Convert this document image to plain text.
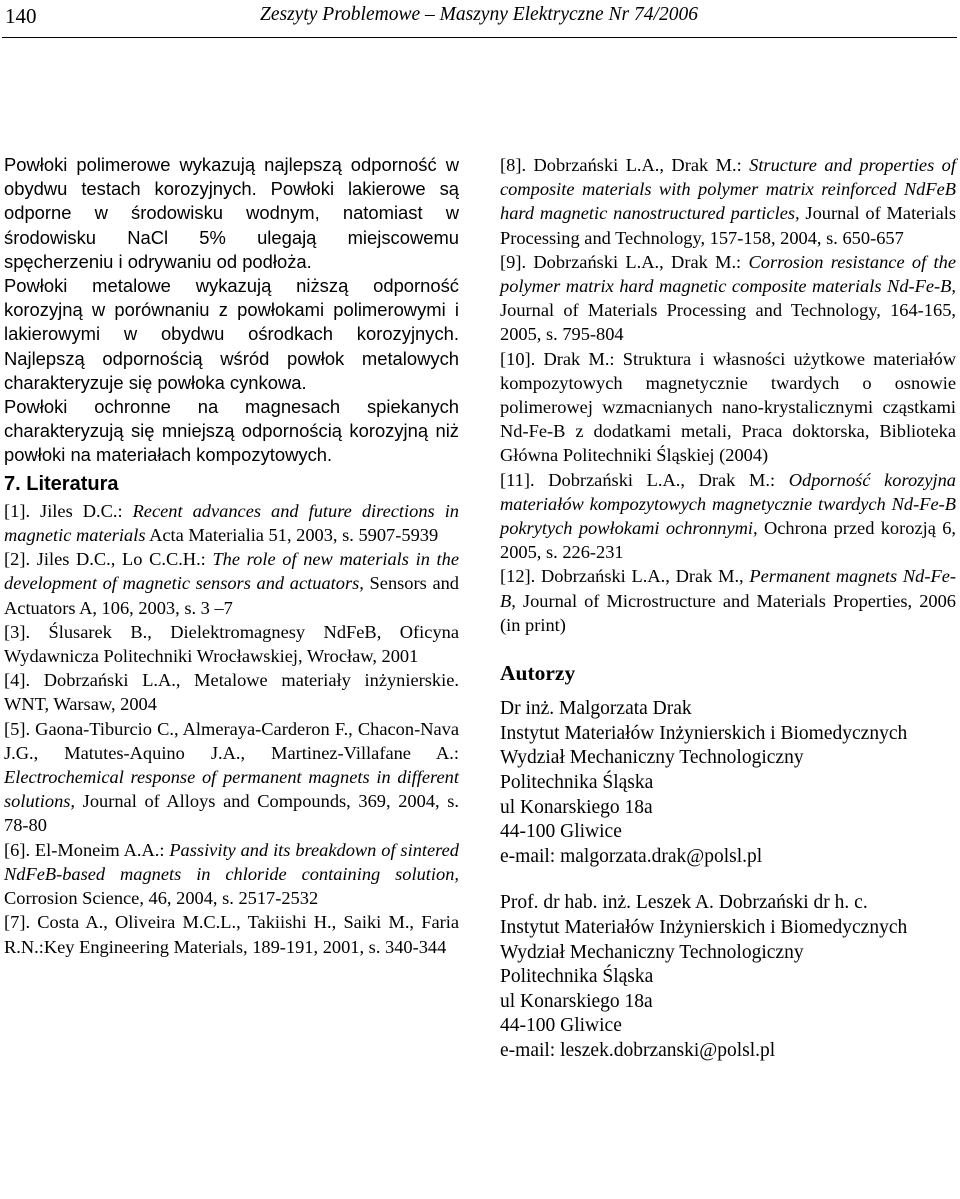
140	Zeszyty Problemowe – Maszyny Elektryczne Nr 74/2006

Powłoki polimerowe wykazują najlepszą odporność w obydwu testach korozyjnych. Powłoki lakierowe są odporne w środowisku wodnym, natomiast w środowisku NaCl 5% ulegają miejscowemu spęcherzeniu i odrywaniu od podłoża.

Powłoki metalowe wykazują niższą odporność korozyjną w porównaniu z powłokami polimerowymi i lakierowymi w obydwu ośrodkach korozyjnych. Najlepszą odpornością wśród powłok metalowych charakteryzuje się powłoka cynkowa.

Powłoki ochronne na magnesach spiekanych charakteryzują się mniejszą odpornością korozyjną niż powłoki na materiałach kompozytowych.

7. Literatura

[1]. Jiles D.C.: Recent advances and future directions in magnetic materials Acta Materialia 51, 2003, s. 5907-5939

[2]. Jiles D.C., Lo C.C.H.: The role of new materials in the development of magnetic sensors and actuators, Sensors and Actuators A, 106, 2003, s. 3 –7

[3]. Ślusarek B., Dielektromagnesy NdFeB, Oficyna Wydawnicza Politechniki Wrocławskiej, Wrocław, 2001

[4]. Dobrzański L.A., Metalowe materiały inżynierskie. WNT, Warsaw, 2004

[5]. Gaona-Tiburcio C., Almeraya-Carderon F., Chacon-Nava J.G., Matutes-Aquino J.A., Martinez-Villafane A.: Electrochemical response of permanent magnets in different solutions, Journal of Alloys and Compounds, 369, 2004, s. 78-80

[6]. El-Moneim A.A.: Passivity and its breakdown of sintered NdFeB-based magnets in chloride containing solution, Corrosion Science, 46, 2004, s. 2517-2532

[7]. Costa A., Oliveira M.C.L., Takiishi H., Saiki M., Faria R.N.:Key Engineering Materials, 189-191, 2001, s. 340-344

[8]. Dobrzański L.A., Drak M.: Structure and properties of composite materials with polymer matrix reinforced NdFeB hard magnetic nanostructured particles, Journal of Materials Processing and Technology, 157-158, 2004, s. 650-657

[9]. Dobrzański L.A., Drak M.: Corrosion resistance of the polymer matrix hard magnetic composite materials Nd-Fe-B, Journal of Materials Processing and Technology, 164-165, 2005, s. 795-804

[10]. Drak M.: Struktura i własności użytkowe materiałów kompozytowych magnetycznie twardych o osnowie polimerowej wzmacnianych nano-krystalicznymi cząstkami Nd-Fe-B z dodatkami metali, Praca doktorska, Biblioteka Główna Politechniki Śląskiej (2004)

[11]. Dobrzański L.A., Drak M.: Odporność korozyjna materiałów kompozytowych magnetycznie twardych Nd-Fe-B pokrytych powłokami ochronnymi, Ochrona przed korozją 6, 2005, s. 226-231

[12]. Dobrzański L.A., Drak M., Permanent magnets Nd-Fe-B, Journal of Microstructure and Materials Properties, 2006 (in print)

Autorzy
Dr inż. Malgorzata Drak
Instytut Materiałów Inżynierskich i Biomedycznych
Wydział Mechaniczny Technologiczny
Politechnika Śląska
ul Konarskiego 18a
44-100 Gliwice
e-mail: malgorzata.drak@polsl.pl
Prof. dr hab. inż. Leszek A. Dobrzański dr h. c.
Instytut Materiałów Inżynierskich i Biomedycznych Wydział Mechaniczny Technologiczny
Politechnika Śląska
ul Konarskiego 18a
44-100 Gliwice
e-mail: leszek.dobrzanski@polsl.pl
